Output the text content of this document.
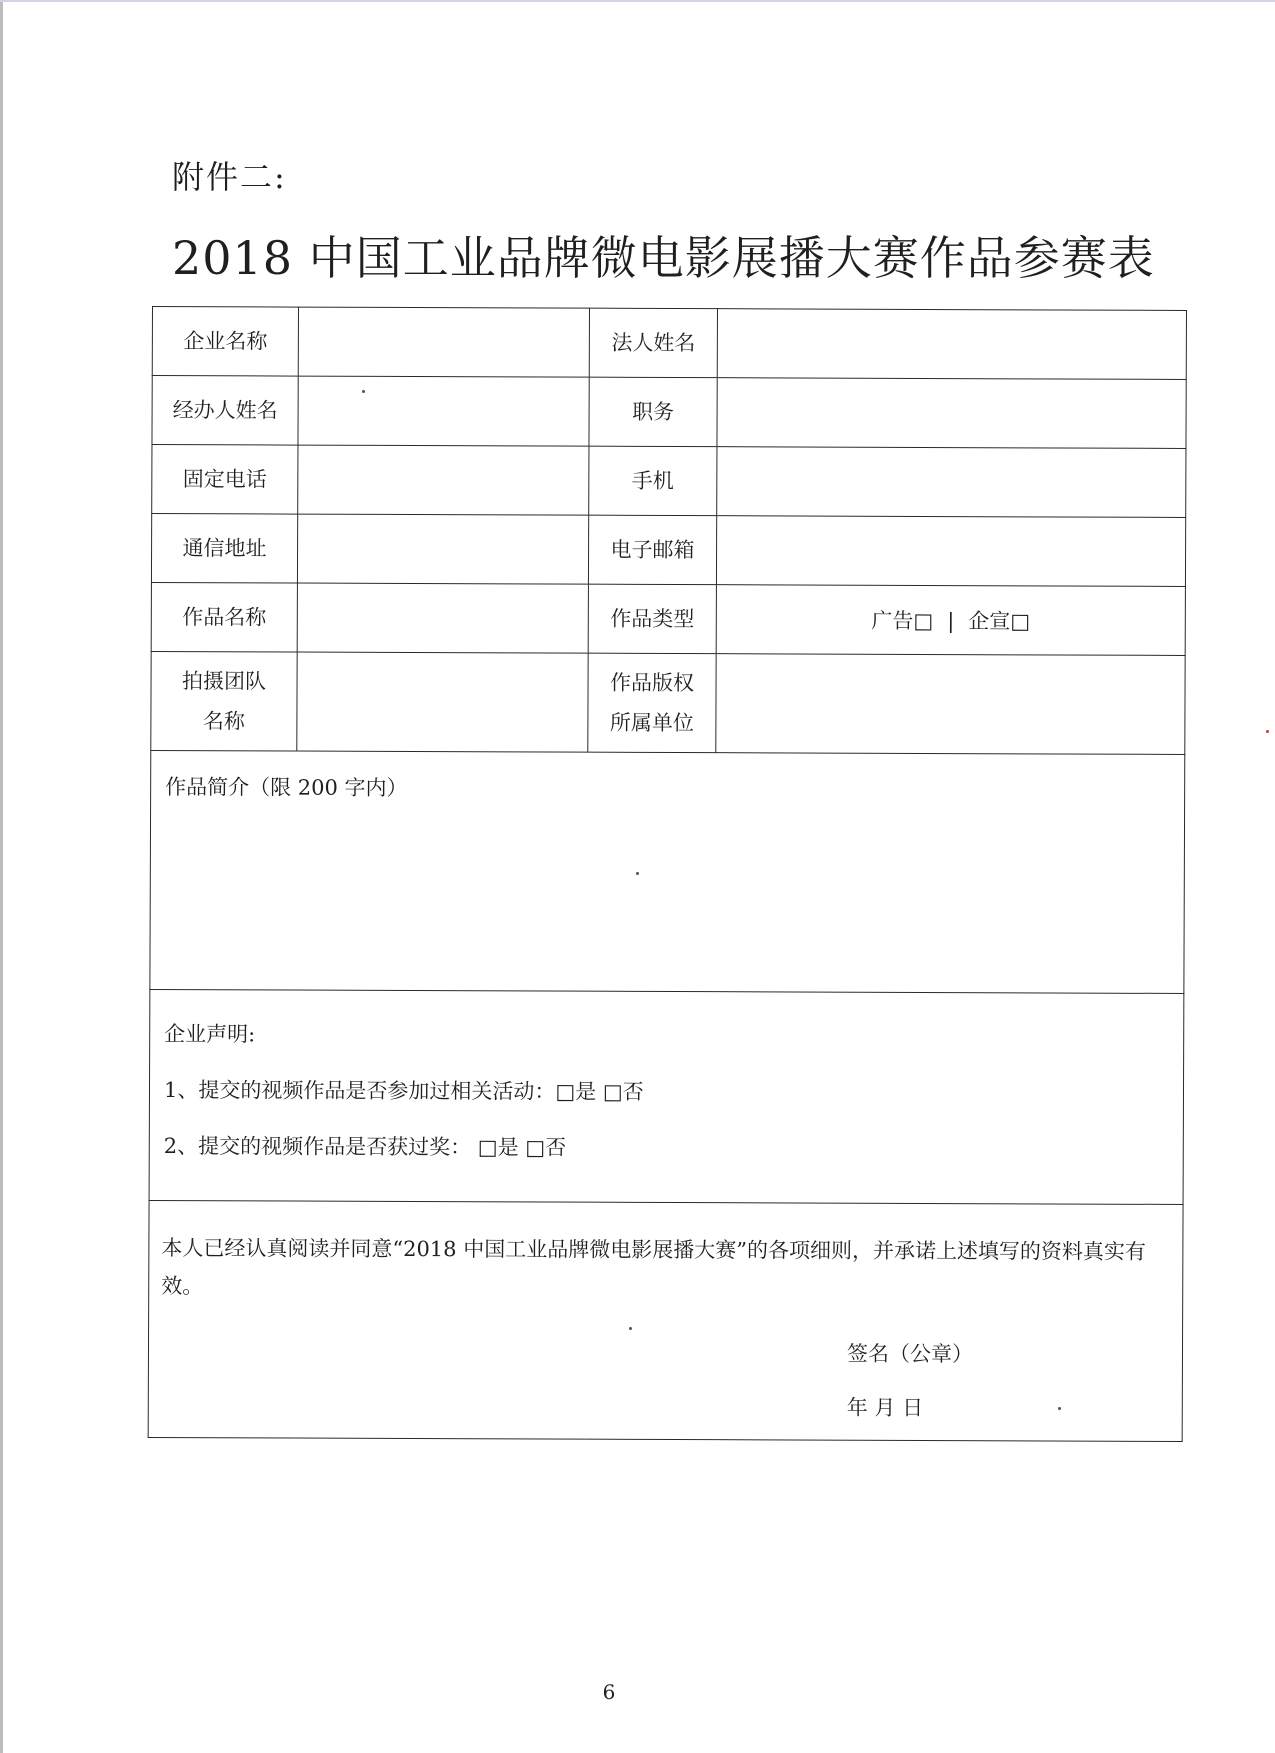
附件二:
2018 中国工业品牌微电影展播大赛作品参赛表
企业名称		法人姓名	
经办人姓名		职务	
固定电话		手机	
通信地址		电子邮箱	
作品名称		作品类型	广告□ | 企宣□
拍摄团队
名称		作品版权
所属单位	

作品简介（限 200 字内）			

企业声明:
1、提交的视频作品是否参加过相关活动：□是 □否
2、提交的视频作品是否获过奖： □是 □否			

本人已经认真阅读并同意“2018 中国工业品牌微电影展播大赛”的各项细则，并承诺上述填写的资料真实有效。
签名（公章）
年 月 日			
6
